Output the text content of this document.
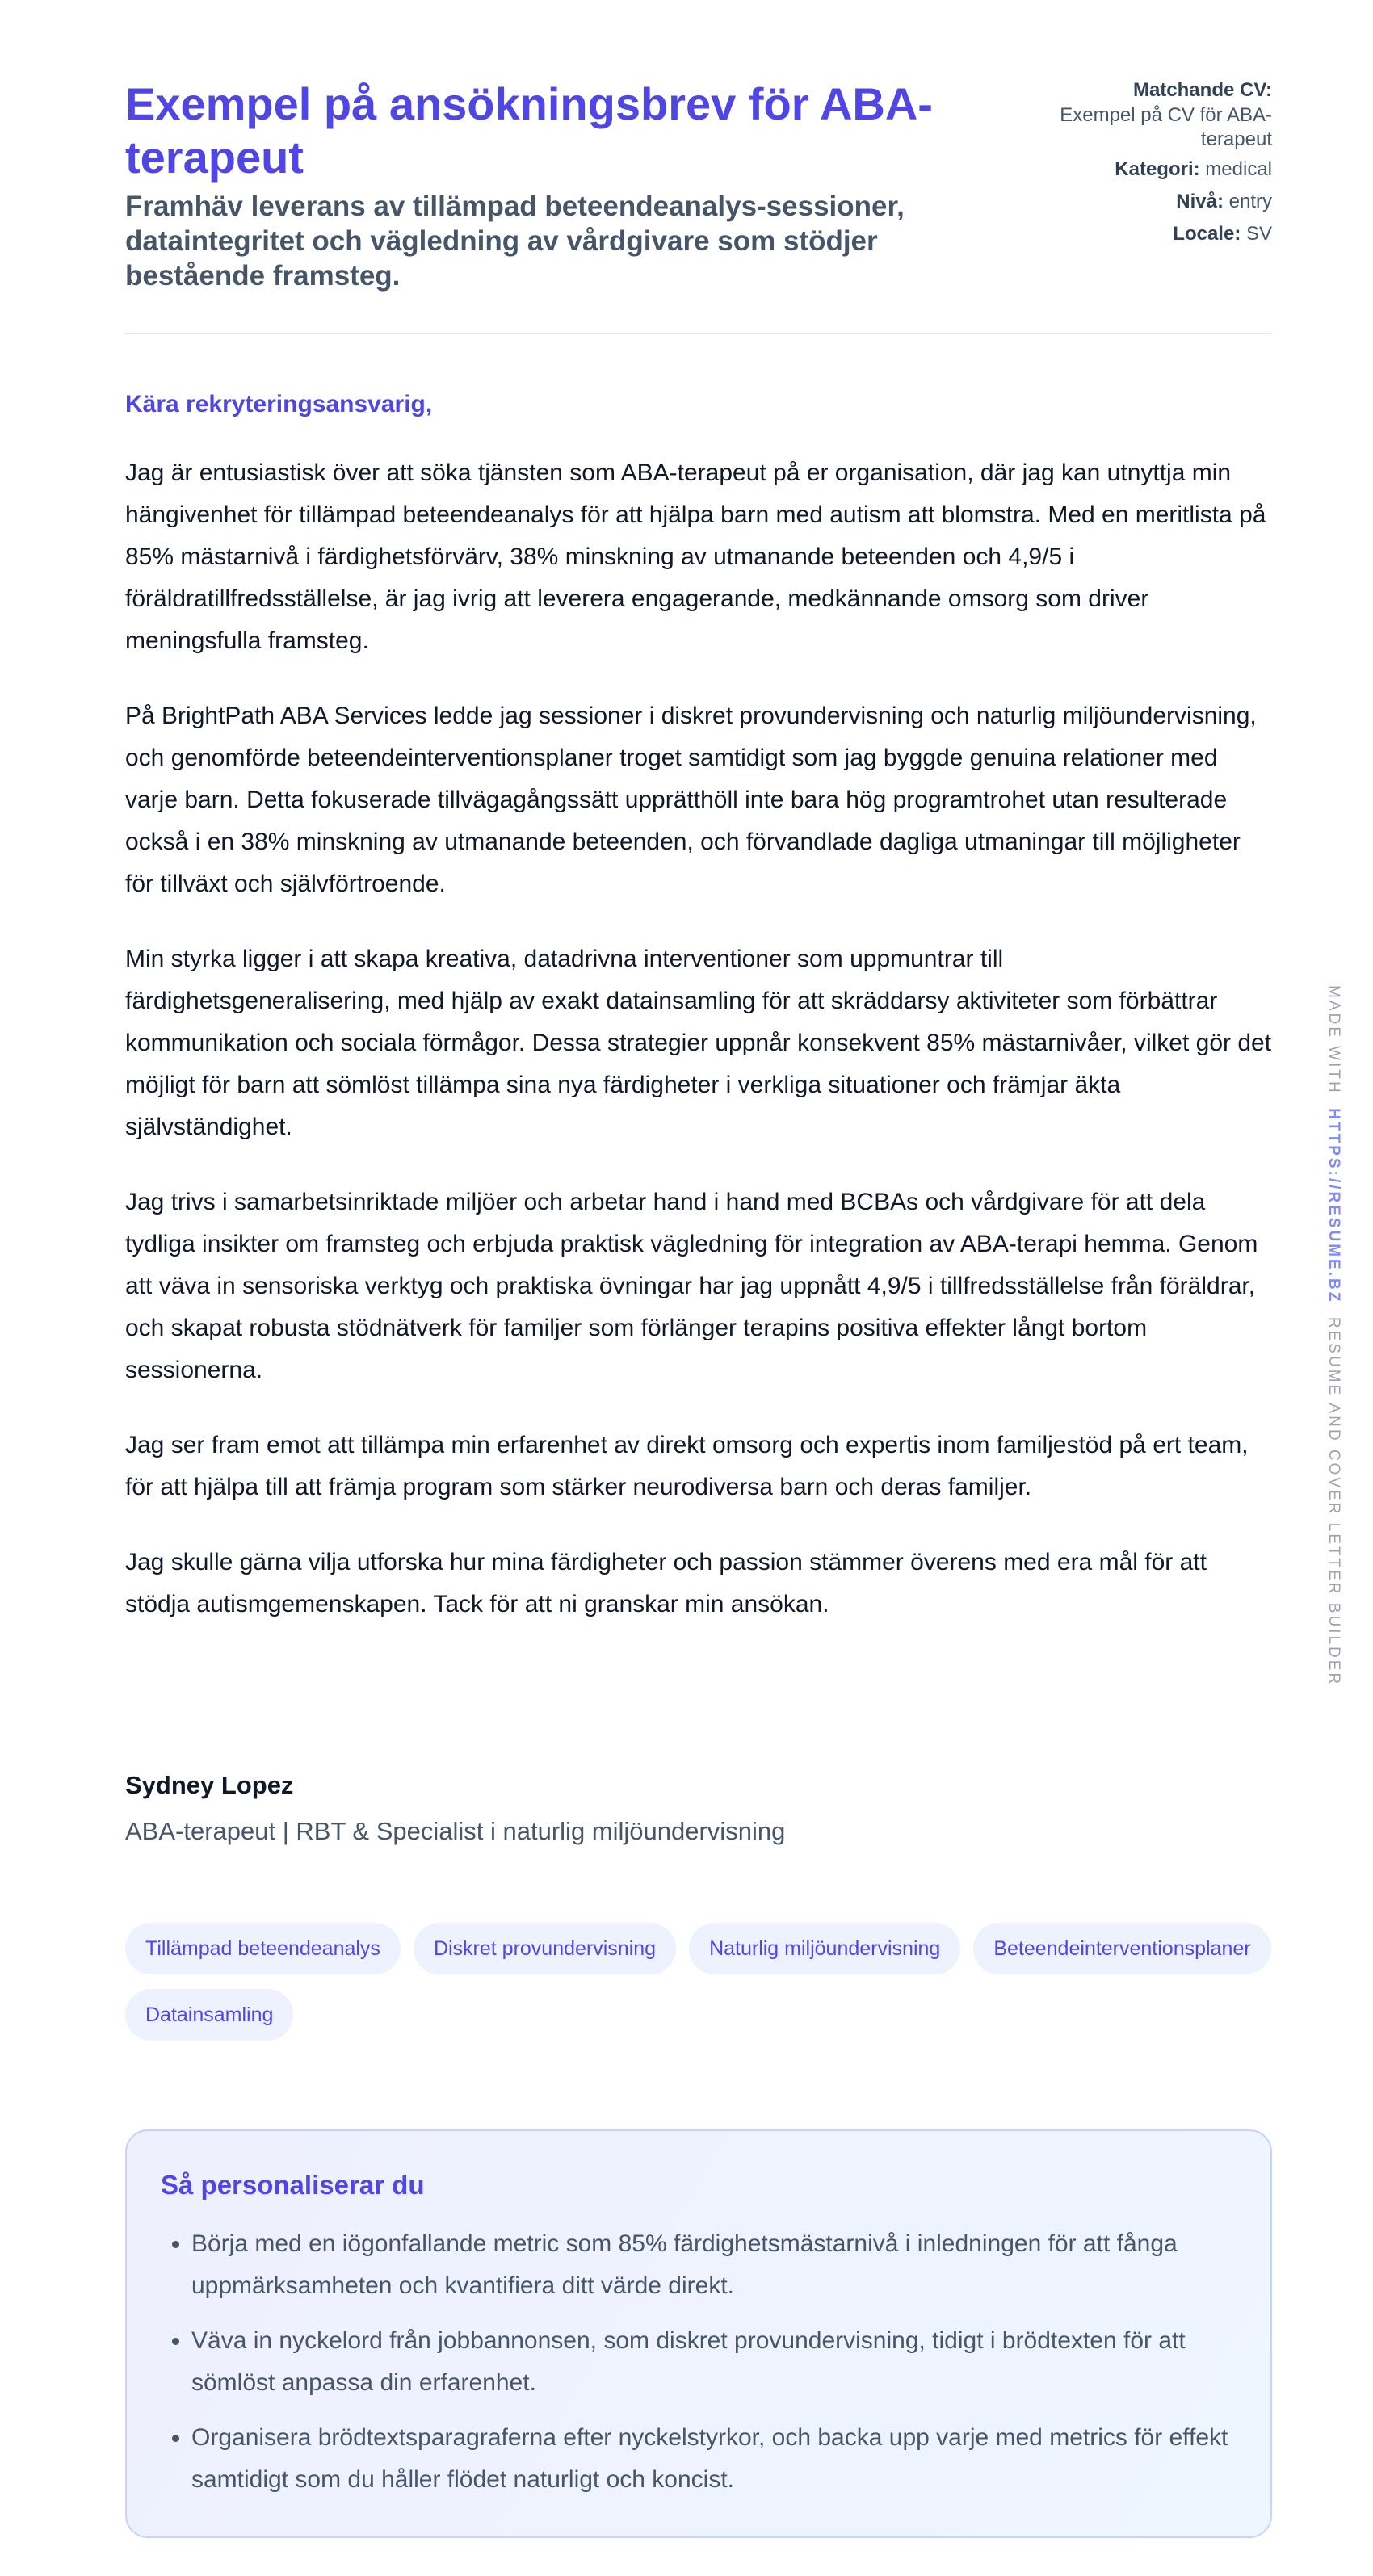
Exempel på ansökningsbrev för ABA-terapeut
Framhäv leverans av tillämpad beteendeanalys-sessioner, dataintegritet och vägledning av vårdgivare som stödjer bestående framsteg.
Matchande CV:
Exempel på CV för ABA-terapeut
Kategori: medical
Nivå: entry
Locale: SV
Kära rekryteringsansvarig,

Jag är entusiastisk över att söka tjänsten som ABA-terapeut på er organisation, där jag kan utnyttja min hängivenhet för tillämpad beteendeanalys för att hjälpa barn med autism att blomstra. Med en meritlista på 85% mästarnivå i färdighetsförvärv, 38% minskning av utmanande beteenden och 4,9/5 i föräldratillfredsställelse, är jag ivrig att leverera engagerande, medkännande omsorg som driver meningsfulla framsteg.

På BrightPath ABA Services ledde jag sessioner i diskret provundervisning och naturlig miljöundervisning, och genomförde beteendeinterventionsplaner troget samtidigt som jag byggde genuina relationer med varje barn. Detta fokuserade tillvägagångssätt upprätthöll inte bara hög programtrohet utan resulterade också i en 38% minskning av utmanande beteenden, och förvandlade dagliga utmaningar till möjligheter för tillväxt och självförtroende.

Min styrka ligger i att skapa kreativa, datadrivna interventioner som uppmuntrar till färdighetsgeneralisering, med hjälp av exakt datainsamling för att skräddarsy aktiviteter som förbättrar kommunikation och sociala förmågor. Dessa strategier uppnår konsekvent 85% mästarnivåer, vilket gör det möjligt för barn att sömlöst tillämpa sina nya färdigheter i verkliga situationer och främjar äkta självständighet.

Jag trivs i samarbetsinriktade miljöer och arbetar hand i hand med BCBAs och vårdgivare för att dela tydliga insikter om framsteg och erbjuda praktisk vägledning för integration av ABA-terapi hemma. Genom att väva in sensoriska verktyg och praktiska övningar har jag uppnått 4,9/5 i tillfredsställelse från föräldrar, och skapat robusta stödnätverk för familjer som förlänger terapins positiva effekter långt bortom sessionerna.

Jag ser fram emot att tillämpa min erfarenhet av direkt omsorg och expertis inom familjestöd på ert team, för att hjälpa till att främja program som stärker neurodiversa barn och deras familjer.

Jag skulle gärna vilja utforska hur mina färdigheter och passion stämmer överens med era mål för att stödja autismgemenskapen. Tack för att ni granskar min ansökan.

Sydney Lopez
ABA-terapeut | RBT & Specialist i naturlig miljöundervisning
Tillämpad beteendeanalys	Diskret provundervisning	Naturlig miljöundervisning	Beteendeinterventionsplaner
Datainsamling
Så personaliserar du
• Börja med en iögonfallande metric som 85% färdighetsmästarnivå i inledningen för att fånga uppmärksamheten och kvantifiera ditt värde direkt.
• Väva in nyckelord från jobbannonsen, som diskret provundervisning, tidigt i brödtexten för att sömlöst anpassa din erfarenhet.
• Organisera brödtextsparagraferna efter nyckelstyrkor, och backa upp varje med metrics för effekt samtidigt som du håller flödet naturligt och koncist.
MADE WITH  HTTPS://RESUME.BZ  RESUME AND COVER LETTER BUILDER
